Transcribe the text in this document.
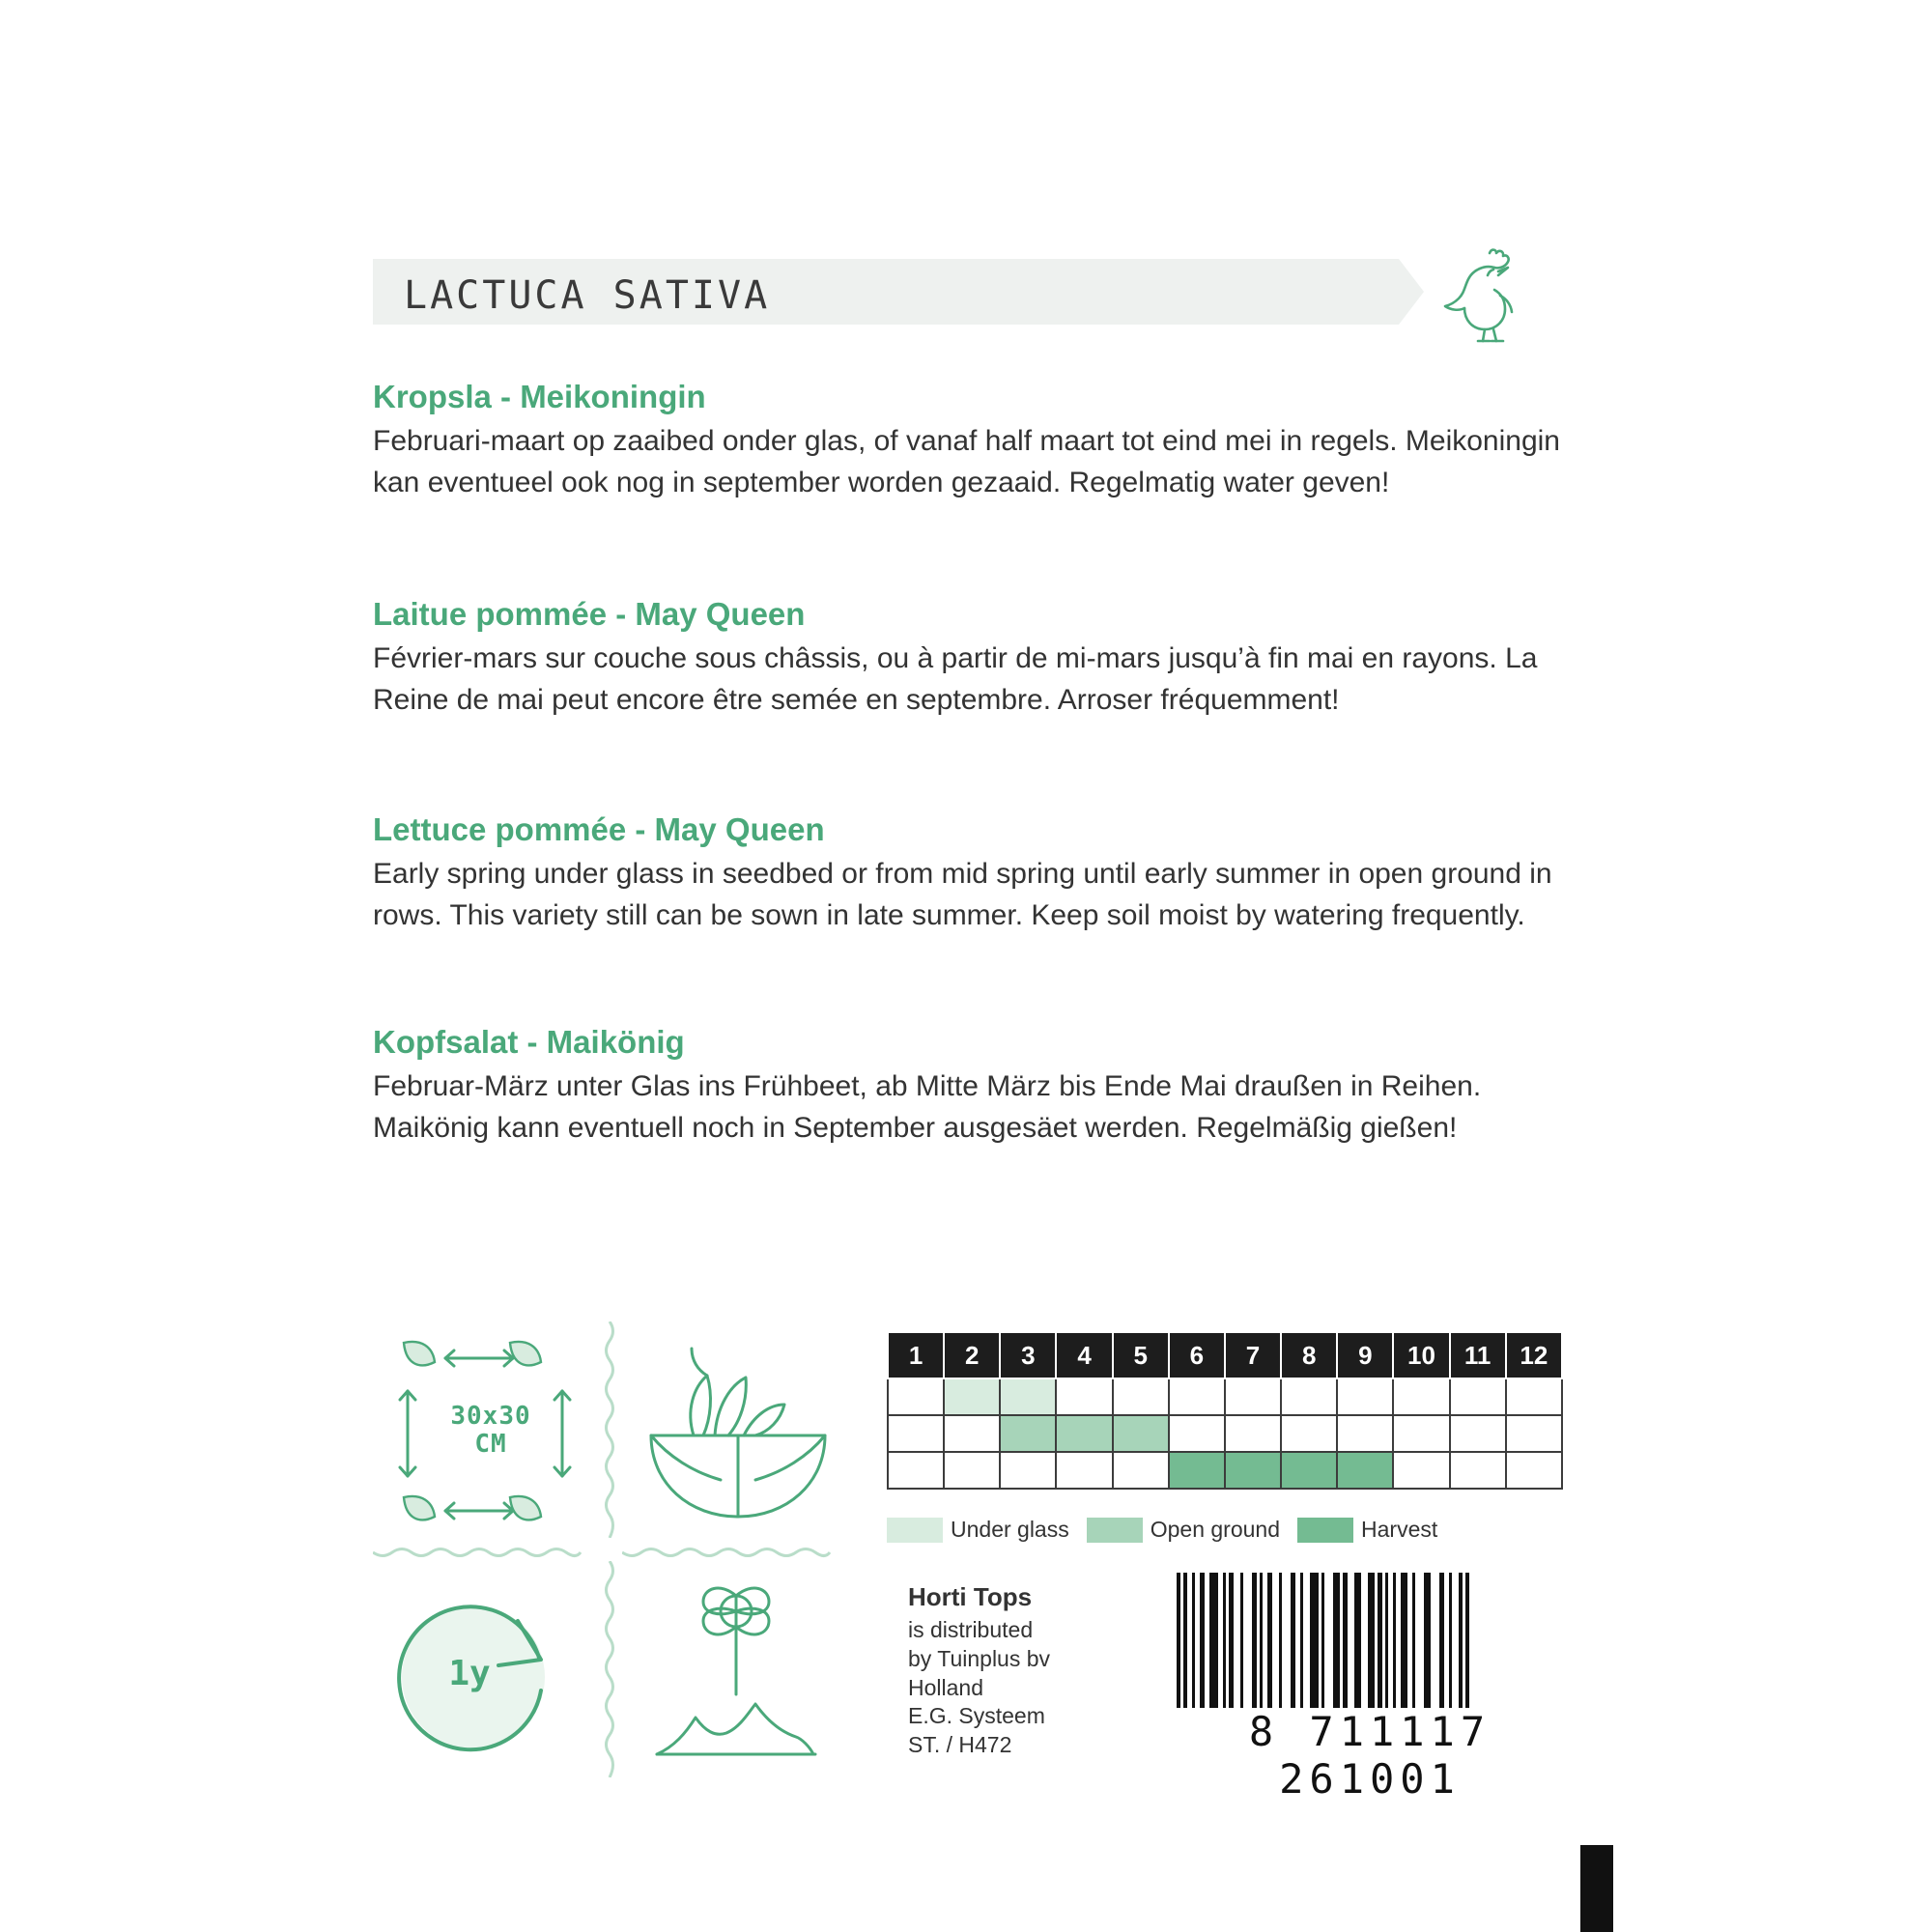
LACTUCA SATIVA

Kropsla - Meikoningin

Februari-maart op zaaibed onder glas, of vanaf half maart tot eind mei in regels. Meikoningin kan eventueel ook nog in september worden gezaaid. Regelmatig water geven!

Laitue pommée - May Queen

Février-mars sur couche sous châssis, ou à partir de mi-mars jusqu’à fin mai en rayons. La Reine de mai peut encore être semée en septembre. Arroser fréquemment!

Lettuce pommée - May Queen

Early spring under glass in seedbed or from mid spring until early summer in open ground in rows. This variety still can be sown in late summer. Keep soil moist by watering frequently.

Kopfsalat - Maikönig

Februar-März unter Glas ins Frühbeet, ab Mitte März bis Ende Mai draußen in Reihen. Maikönig kann eventuell noch in September ausgesäet werden. Regelmäßig gießen!

30x30
CM
1y
1	2	3	4	5	6	7	8	9	10	11	12

Under glass	Open ground	Harvest
Horti Tops
is distributed
by Tuinplus bv
Holland
E.G. Systeem
ST. / H472	8 711117 261001
